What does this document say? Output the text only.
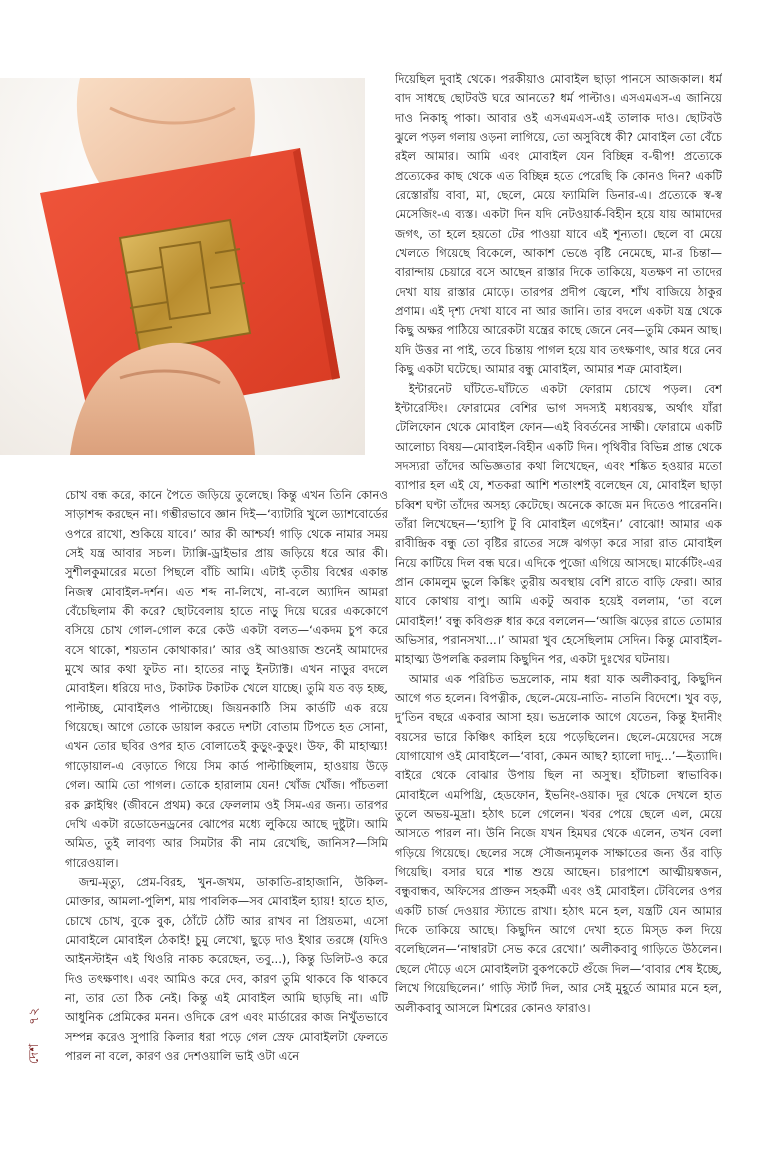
চোখ বন্ধ করে, কানে পৈতে জড়িয়ে তুলেছে। কিন্তু এখন তিনি কোনও সাড়াশব্দ করছেন না। গম্ভীরভাবে জ্ঞান দিই—‘ব্যাটারি খুলে ড্যাশবোর্ডের ওপরে রাখো, শুকিয়ে যাবে।’ আর কী আশ্চর্য! গাড়ি থেকে নামার সময় সেই যন্ত্র আবার সচল। ট্যাক্সি-ড্রাইভার প্রায় জড়িয়ে ধরে আর কী। সুশীলকুমারের মতো পিছলে বাঁচি আমি। এটাই তৃতীয় বিশ্বের একান্ত নিজস্ব মোবাইল-দর্শন। এত শব্দ না-লিখে, না-বলে অ্যাদিন আমরা বেঁচেছিলাম কী করে? ছোটবেলায় হাতে নাড়ু দিয়ে ঘরের এককোণে বসিয়ে চোখ গোল-গোল করে কেউ একটা বলত—‘একদম চুপ করে বসে থাকো, শয়তান কোথাকার।’ আর ওই আওয়াজ শুনেই আমাদের মুখে আর কথা ফুটত না। হাতের নাড়ু ইনট্যাক্ট। এখন নাড়ুর বদলে মোবাইল। ধরিয়ে দাও, টকাটক টকাটক খেলে যাচ্ছে। তুমি যত বড় হচ্ছ, পাল্টাচ্ছ, মোবাইলও পাল্টাচ্ছে। জিয়নকাঠি সিম কার্ডটি এক রয়ে গিয়েছে। আগে তোকে ডায়াল করতে দশটা বোতাম টিপতে হত সোনা, এখন তোর ছবির ওপর হাত বোলাতেই কুড়ুং-কুড়ুং। উফ, কী মাহাত্ম্য! গাড়োয়াল-এ বেড়াতে গিয়ে সিম কার্ড পাল্টাচ্ছিলাম, হাওয়ায় উড়ে গেল। আমি তো পাগল। তোকে হারালাম যেন! খোঁজ খোঁজ। পাঁচতলা রক ক্লাইম্বিং (জীবনে প্রথম) করে ফেললাম ওই সিম-এর জন্য। তারপর দেখি একটা রডোডেনড্রনের ঝোপের মধ্যে লুকিয়ে আছে দুষ্টুটা। আমি অমিত, তুই লাবণ্য আর সিমটার কী নাম রেখেছি, জানিস?—সিমি গারেওয়াল।

জন্ম-মৃত্যু, প্রেম-বিরহ, খুন-জখম, ডাকাতি-রাহাজানি, উকিল-মোক্তার, আমলা-পুলিশ, মায় পাবলিক—সব মোবাইল হ্যায়! হাতে হাত, চোখে চোখ, বুকে বুক, ঠোঁটে ঠোঁট আর রাখব না প্রিয়তমা, এসো মোবাইলে মোবাইল ঠেকাই! চুমু লেখো, ছুড়ে দাও ইথার তরঙ্গে (যদিও আইনস্টাইন এই থিওরি নাকচ করেছেন, তবু...), কিন্তু ডিলিট-ও করে দিও তৎক্ষণাৎ। এবং আমিও করে দেব, কারণ তুমি থাকবে কি থাকবে না, তার তো ঠিক নেই। কিন্তু এই মোবাইল আমি ছাড়ছি না। এটি আধুনিক প্রেমিকের মনন। ওদিকে রেপ এবং মার্ডারের কাজ নিখুঁতভাবে সম্পন্ন করেও সুপারি কিলার ধরা পড়ে গেল স্রেফ মোবাইলটা ফেলতে পারল না বলে, কারণ ওর দেশওয়ালি ভাই ওটা এনে

দিয়েছিল দুবাই থেকে। পরকীয়াও মোবাইল ছাড়া পানসে আজকাল। ধর্ম বাদ সাধছে ছোটবউ ঘরে আনতে? ধর্ম পাল্টাও। এসএমএস-এ জানিয়ে দাও নিকাহ্ পাকা। আবার ওই এসএমএস-এই তালাক দাও। ছোটবউ ঝুলে পড়ল গলায় ওড়না লাগিয়ে, তো অসুবিধে কী? মোবাইল তো বেঁচে রইল আমার। আমি এবং মোবাইল যেন বিচ্ছিন্ন ব-দ্বীপ! প্রত্যেকে প্রত্যেকের কাছ থেকে এত বিচ্ছিন্ন হতে পেরেছি কি কোনও দিন? একটি রেস্তোরাঁয় বাবা, মা, ছেলে, মেয়ে ফ্যামিলি ডিনার-এ। প্রত্যেকে স্ব-স্ব মেসেজিং-এ ব্যস্ত। একটা দিন যদি নেটওয়ার্ক-বিহীন হয়ে যায় আমাদের জগৎ, তা হলে হয়তো টের পাওয়া যাবে এই শূন্যতা। ছেলে বা মেয়ে খেলতে গিয়েছে বিকেলে, আকাশ ভেঙে বৃষ্টি নেমেছে, মা-র চিন্তা—বারান্দায় চেয়ারে বসে আছেন রাস্তার দিকে তাকিয়ে, যতক্ষণ না তাদের দেখা যায় রাস্তার মোড়ে। তারপর প্রদীপ জ্বেলে, শাঁখ বাজিয়ে ঠাকুর প্রণাম। এই দৃশ্য দেখা যাবে না আর জানি। তার বদলে একটা যন্ত্র থেকে কিছু অক্ষর পাঠিয়ে আরেকটা যন্ত্রের কাছে জেনে নেব—তুমি কেমন আছ। যদি উত্তর না পাই, তবে চিন্তায় পাগল হয়ে যাব তৎক্ষণাৎ, আর ধরে নেব কিছু একটা ঘটেছে। আমার বন্ধু মোবাইল, আমার শত্রু মোবাইল।

ইন্টারনেট ঘাঁটতে-ঘাঁটতে একটা ফোরাম চোখে পড়ল। বেশ ইন্টারেস্টিং। ফোরামের বেশির ভাগ সদস্যই মধ্যবয়স্ক, অর্থাৎ যাঁরা টেলিফোন থেকে মোবাইল ফোন—এই বিবর্তনের সাক্ষী। ফোরামে একটি আলোচ্য বিষয়—মোবাইল-বিহীন একটি দিন। পৃথিবীর বিভিন্ন প্রান্ত থেকে সদস্যরা তাঁদের অভিজ্ঞতার কথা লিখেছেন, এবং শঙ্কিত হওয়ার মতো ব্যাপার হল এই যে, শতকরা আশি শতাংশই বলেছেন যে, মোবাইল ছাড়া চব্বিশ ঘণ্টা তাঁদের অসহ্য কেটেছে। অনেকে কাজে মন দিতেও পারেননি। তাঁরা লিখেছেন—‘হ্যাপি টু বি মোবাইল এগেইন।’ বোঝো! আমার এক রাবীন্দ্রিক বন্ধু তো বৃষ্টির রাতের সঙ্গে ঝগড়া করে সারা রাত মোবাইল নিয়ে কাটিয়ে দিল বন্ধ ঘরে। এদিকে পুজো এগিয়ে আসছে। মার্কেটিং-এর প্রান কোমলুম ভুলে কিঙ্কিং তুরীয় অবস্থায় বেশি রাতে বাড়ি ফেরা। আর যাবে কোথায় বাপু। আমি একটু অবাক হয়েই বললাম, ‘তা বলে মোবাইল!’ বন্ধু কবিগুরু ধার করে বললেন—‘আজি ঝড়ের রাতে তোমার অভিসার, পরানসখা...।’ আমরা খুব হেসেছিলাম সেদিন। কিন্তু মোবাইল-মাহাত্ম্য উপলব্ধি করলাম কিছুদিন পর, একটা দুঃখের ঘটনায়।

আমার এক পরিচিত ভদ্রলোক, নাম ধরা যাক অলীকবাবু, কিছুদিন আগে গত হলেন। বিপত্নীক, ছেলে-মেয়ে-নাতি- নাতনি বিদেশে। খুব বড়, দু’তিন বছরে একবার আসা হয়। ভদ্রলোক আগে যেতেন, কিন্তু ইদানীং বয়সের ভারে কিঞ্চিৎ কাহিল হয়ে পড়েছিলেন। ছেলে-মেয়েদের সঙ্গে যোগাযোগ ওই মোবাইলে—‘বাবা, কেমন আছ? হ্যালো দাদু...’—ইত্যাদি। বাইরে থেকে বোঝার উপায় ছিল না অসুস্থ। হাঁটাচলা স্বাভাবিক। মোবাইলে এমপিথ্রি, হেডফোন, ইভনিং-ওয়াক। দূর থেকে দেখলে হাত তুলে অভয়-মুদ্রা। হঠাৎ চলে গেলেন। খবর পেয়ে ছেলে এল, মেয়ে আসতে পারল না। উনি নিজে যখন হিমঘর থেকে এলেন, তখন বেলা গড়িয়ে গিয়েছে। ছেলের সঙ্গে সৌজন্যমূলক সাক্ষাতের জন্য ওঁর বাড়ি গিয়েছি। বসার ঘরে শান্ত শুয়ে আছেন। চারপাশে আত্মীয়স্বজন, বন্ধুবান্ধব, অফিসের প্রাক্তন সহকর্মী এবং ওই মোবাইল। টেবিলের ওপর একটি চার্জ দেওয়ার স্ট্যান্ডে রাখা। হঠাৎ মনে হল, যন্ত্রটি যেন আমার দিকে তাকিয়ে আছে। কিছুদিন আগে দেখা হতে মিস্ড কল দিয়ে বলেছিলেন—‘নাম্বারটা সেভ করে রেখো।’ অলীকবাবু গাড়িতে উঠলেন। ছেলে দৌড়ে এসে মোবাইলটা বুকপকেটে গুঁজে দিল—‘বাবার শেষ ইচ্ছে, লিখে গিয়েছিলেন।’ গাড়ি স্টার্ট দিল, আর সেই মুহূর্তে আমার মনে হল, অলীকবাবু আসলে মিশরের কোনও ফারাও।

দেশ    ৭২
